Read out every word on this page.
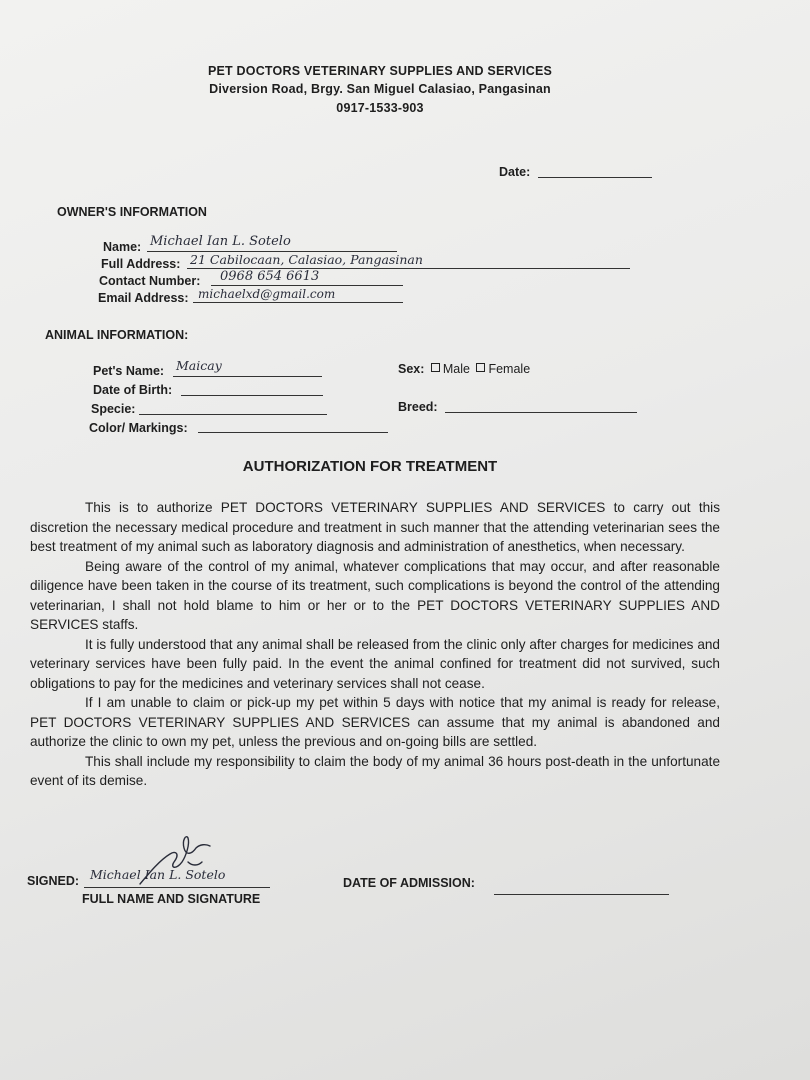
PET DOCTORS VETERINARY SUPPLIES AND SERVICES
Diversion Road, Brgy. San Miguel Calasiao, Pangasinan
0917-1533-903
Date:
OWNER'S INFORMATION
Name: Michael Ian L. Sotelo
Full Address: 21 Cabilocaan, Calasiao, Pangasinan
Contact Number: 0968 654 6613
Email Address: michaelxd@gmail.com
ANIMAL INFORMATION:
Pet's Name: Maicay
Date of Birth:
Specie:
Color/ Markings:
Sex: Male Female
Breed:
AUTHORIZATION FOR TREATMENT

This is to authorize PET DOCTORS VETERINARY SUPPLIES AND SERVICES to carry out this discretion the necessary medical procedure and treatment in such manner that the attending veterinarian sees the best treatment of my animal such as laboratory diagnosis and administration of anesthetics, when necessary.

Being aware of the control of my animal, whatever complications that may occur, and after reasonable diligence have been taken in the course of its treatment, such complications is beyond the control of the attending veterinarian, I shall not hold blame to him or her or to the PET DOCTORS VETERINARY SUPPLIES AND SERVICES staffs.

It is fully understood that any animal shall be released from the clinic only after charges for medicines and veterinary services have been fully paid. In the event the animal confined for treatment did not survived, such obligations to pay for the medicines and veterinary services shall not cease.

If I am unable to claim or pick-up my pet within 5 days with notice that my animal is ready for release, PET DOCTORS VETERINARY SUPPLIES AND SERVICES can assume that my animal is abandoned and authorize the clinic to own my pet, unless the previous and on-going bills are settled.

This shall include my responsibility to claim the body of my animal 36 hours post-death in the unfortunate event of its demise.

SIGNED: Michael Ian L. Sotelo
FULL NAME AND SIGNATURE
DATE OF ADMISSION:
